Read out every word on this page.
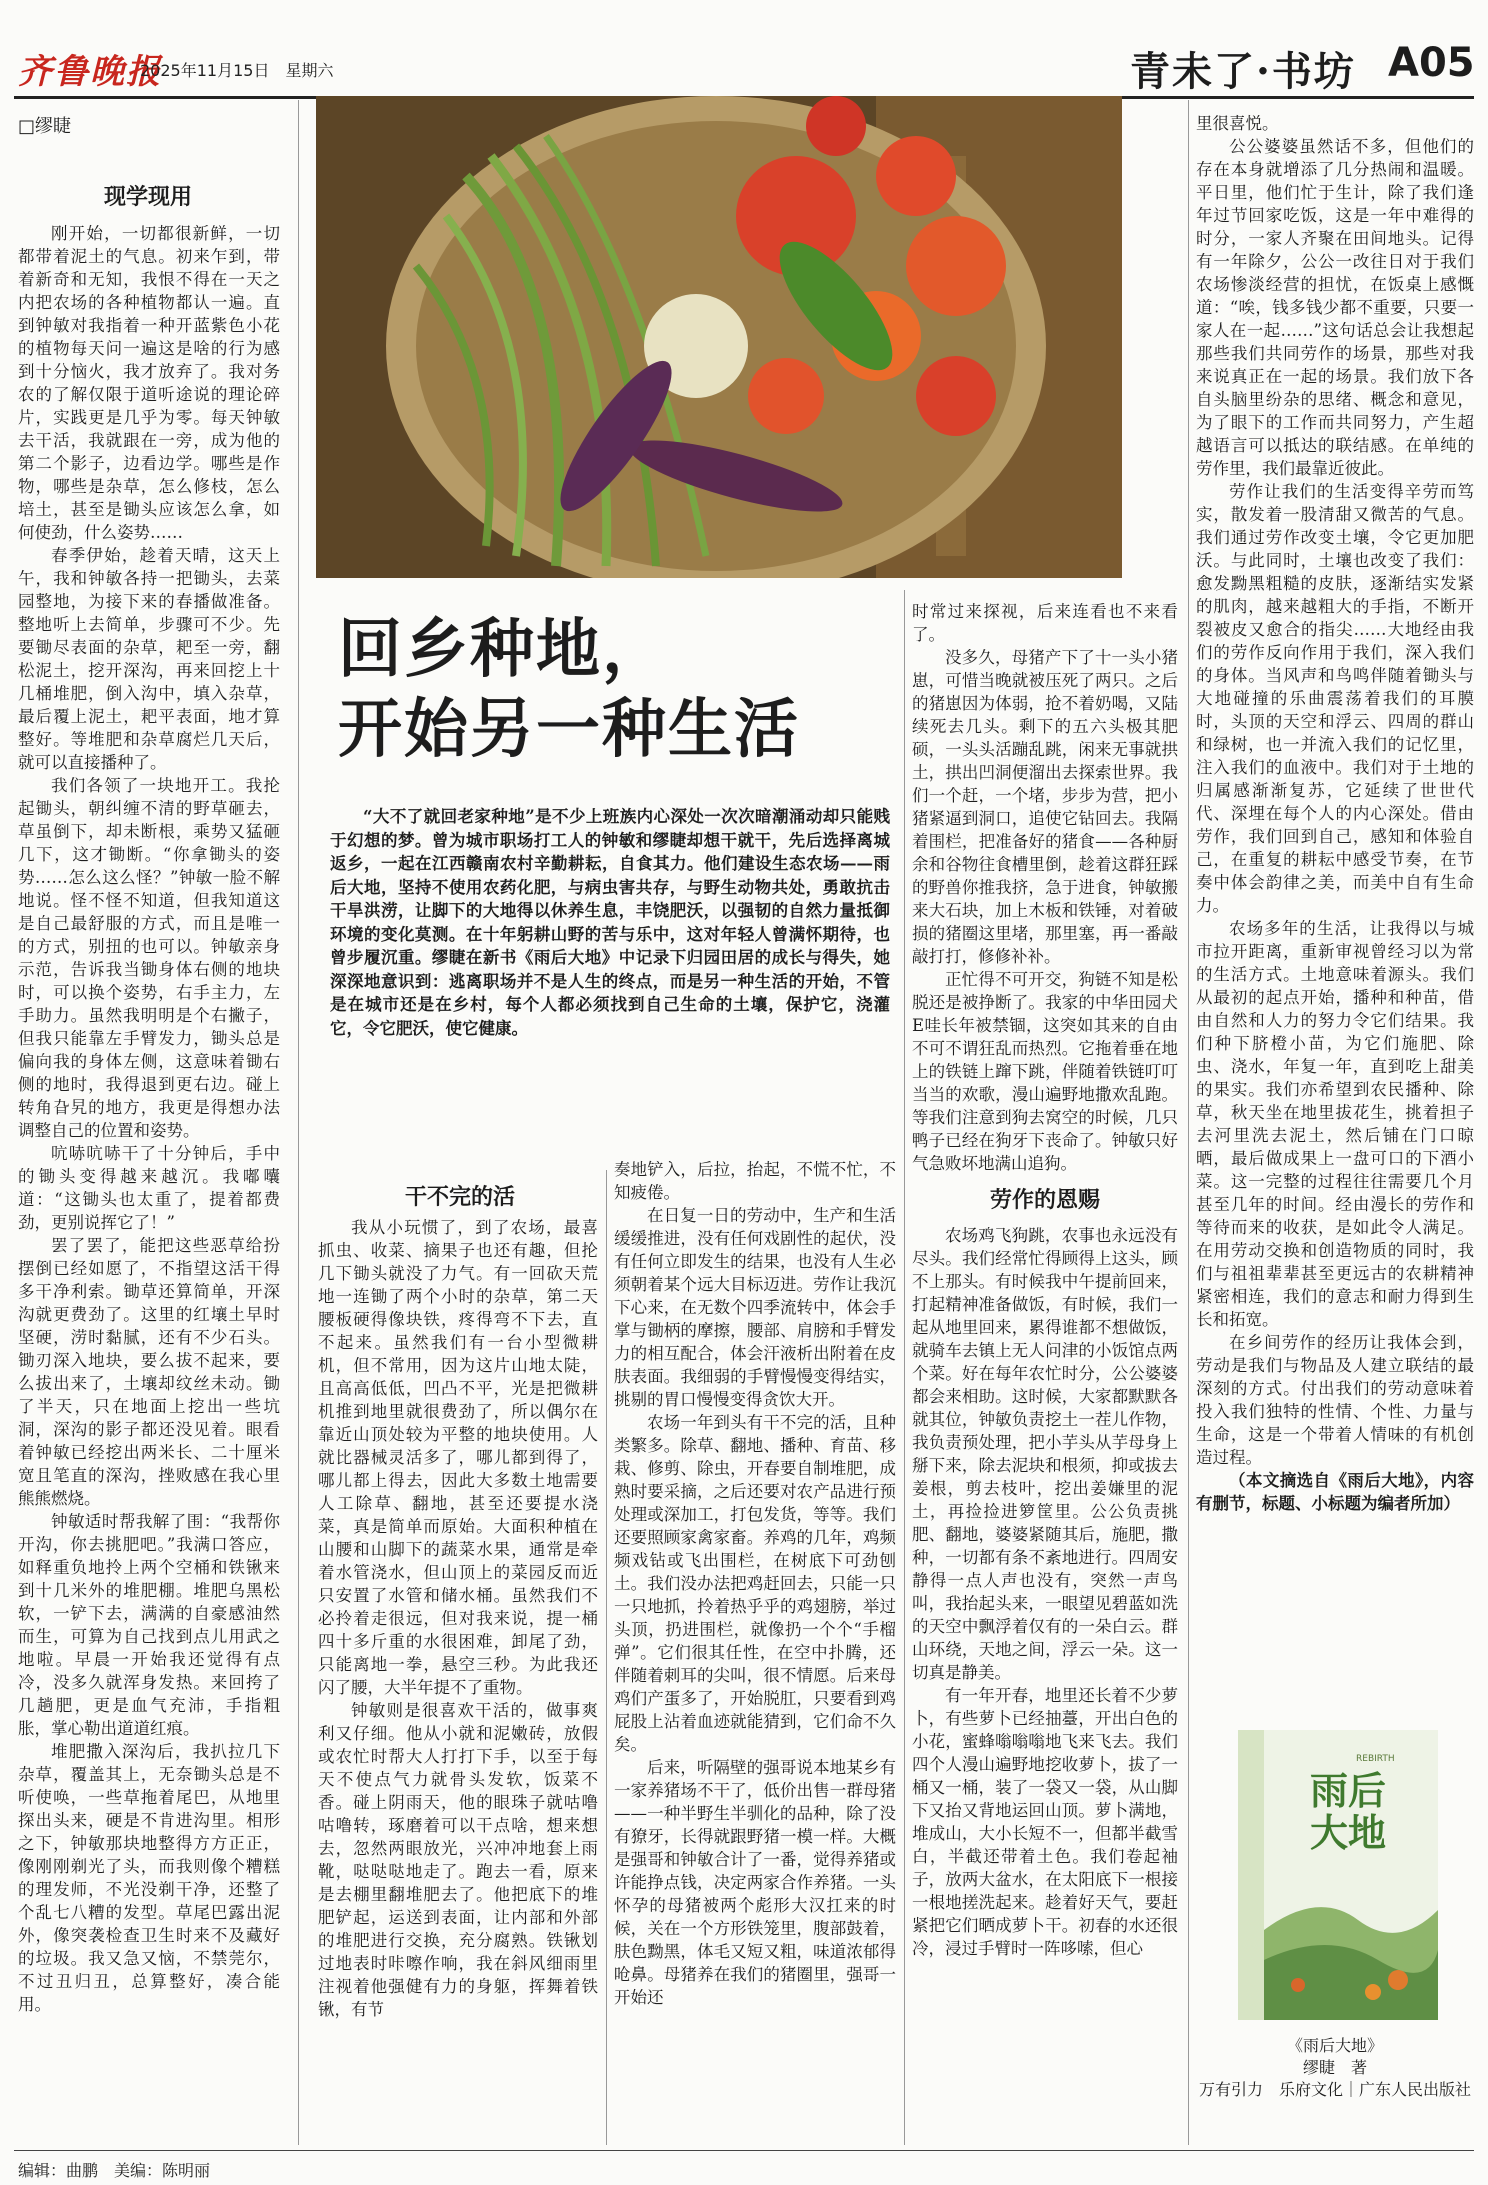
齐鲁晚报
2025年11月15日　星期六	青未了·书坊 A05
□缪睫
现学现用

刚开始，一切都很新鲜，一切都带着泥土的气息。初来乍到，带着新奇和无知，我恨不得在一天之内把农场的各种植物都认一遍。直到钟敏对我指着一种开蓝紫色小花的植物每天问一遍这是啥的行为感到十分恼火，我才放弃了。我对务农的了解仅限于道听途说的理论碎片，实践更是几乎为零。每天钟敏去干活，我就跟在一旁，成为他的第二个影子，边看边学。哪些是作物，哪些是杂草，怎么修枝，怎么培土，甚至是锄头应该怎么拿，如何使劲，什么姿势……

春季伊始，趁着天晴，这天上午，我和钟敏各持一把锄头，去菜园整地，为接下来的春播做准备。整地听上去简单，步骤可不少。先要锄尽表面的杂草，耙至一旁，翻松泥土，挖开深沟，再来回挖上十几桶堆肥，倒入沟中，填入杂草，最后覆上泥土，耙平表面，地才算整好。等堆肥和杂草腐烂几天后，就可以直接播种了。

我们各领了一块地开工。我抡起锄头，朝纠缠不清的野草砸去，草虽倒下，却未断根，乘势又猛砸几下，这才锄断。“你拿锄头的姿势……怎么这么怪？”钟敏一脸不解地说。怪不怪不知道，但我知道这是自己最舒服的方式，而且是唯一的方式，别扭的也可以。钟敏亲身示范，告诉我当锄身体右侧的地块时，可以换个姿势，右手主力，左手助力。虽然我明明是个右撇子，但我只能靠左手臂发力，锄头总是偏向我的身体左侧，这意味着锄右侧的地时，我得退到更右边。碰上转角旮旯的地方，我更是得想办法调整自己的位置和姿势。

吭哧吭哧干了十分钟后，手中的锄头变得越来越沉。我嘟囔道：“这锄头也太重了，提着都费劲，更别说挥它了！”

罢了罢了，能把这些恶草给扮摆倒已经如愿了，不指望这活干得多干净利索。锄草还算简单，开深沟就更费劲了。这里的红壤土早时坚硬，涝时黏腻，还有不少石头。锄刃深入地块，要么拔不起来，要么拔出来了，土壤却纹丝未动。锄了半天，只在地面上挖出一些坑洞，深沟的影子都还没见着。眼看着钟敏已经挖出两米长、二十厘米宽且笔直的深沟，挫败感在我心里熊熊燃烧。

钟敏适时帮我解了围：“我帮你开沟，你去挑肥吧。”我满口答应，如释重负地拎上两个空桶和铁锹来到十几米外的堆肥棚。堆肥乌黑松软，一铲下去，满满的自豪感油然而生，可算为自己找到点儿用武之地啦。早晨一开始我还觉得有点冷，没多久就浑身发热。来回挎了几趟肥，更是血气充沛，手指粗胀，掌心勒出道道红痕。

堆肥撒入深沟后，我扒拉几下杂草，覆盖其上，无奈锄头总是不听使唤，一些草拖着尾巴，从地里探出头来，硬是不肯进沟里。相形之下，钟敏那块地整得方方正正，像刚刚剃光了头，而我则像个糟糕的理发师，不光没剃干净，还整了个乱七八糟的发型。草尾巴露出泥外，像突袭检查卫生时来不及藏好的垃圾。我又急又恼，不禁莞尔，不过丑归丑，总算整好，凑合能用。

回乡种地，
开始另一种生活

“大不了就回老家种地”是不少上班族内心深处一次次暗潮涌动却只能贱于幻想的梦。曾为城市职场打工人的钟敏和缪睫却想干就干，先后选择离城返乡，一起在江西赣南农村辛勤耕耘，自食其力。他们建设生态农场——雨后大地，坚持不使用农药化肥，与病虫害共存，与野生动物共处，勇敢抗击干旱洪涝，让脚下的大地得以休养生息，丰饶肥沃，以强韧的自然力量抵御环境的变化莫测。在十年躬耕山野的苦与乐中，这对年轻人曾满怀期待，也曾步履沉重。缪睫在新书《雨后大地》中记录下归园田居的成长与得失，她深深地意识到：逃离职场并不是人生的终点，而是另一种生活的开始，不管是在城市还是在乡村，每个人都必须找到自己生命的土壤，保护它，浇灌它，令它肥沃，使它健康。

干不完的活

我从小玩惯了，到了农场，最喜抓虫、收菜、摘果子也还有趣，但抡几下锄头就没了力气。有一回砍天荒地一连锄了两个小时的杂草，第二天腰板硬得像块铁，疼得弯不下去，直不起来。虽然我们有一台小型微耕机，但不常用，因为这片山地太陡，且高高低低，凹凸不平，光是把微耕机推到地里就很费劲了，所以偶尔在靠近山顶处较为平整的地块使用。人就比器械灵活多了，哪儿都到得了，哪儿都上得去，因此大多数土地需要人工除草、翻地，甚至还要提水浇菜，真是简单而原始。大面积种植在山腰和山脚下的蔬菜水果，通常是牵着水管浇水，但山顶上的菜园反而近只安置了水管和储水桶。虽然我们不必拎着走很远，但对我来说，提一桶四十多斤重的水很困难，卸尾了劲，只能离地一拳，悬空三秒。为此我还闪了腰，大半年提不了重物。

钟敏则是很喜欢干活的，做事爽利又仔细。他从小就和泥嫩砖，放假或农忙时帮大人打打下手，以至于每天不使点气力就骨头发软，饭菜不香。碰上阴雨天，他的眼珠子就咕噜咕噜转，琢磨着可以干点啥，想来想去，忽然两眼放光，兴冲冲地套上雨靴，哒哒哒地走了。跑去一看，原来是去棚里翻堆肥去了。他把底下的堆肥铲起，运送到表面，让内部和外部的堆肥进行交换，充分腐熟。铁锹划过地表时咔嚓作响，我在斜风细雨里注视着他强健有力的身躯，挥舞着铁锹，有节

奏地铲入，后拉，抬起，不慌不忙，不知疲倦。

在日复一日的劳动中，生产和生活缓缓推进，没有任何戏剧性的起伏，没有任何立即发生的结果，也没有人生必须朝着某个远大目标迈进。劳作让我沉下心来，在无数个四季流转中，体会手掌与锄柄的摩擦，腰部、肩膀和手臂发力的相互配合，体会汗液析出附着在皮肤表面。我细弱的手臂慢慢变得结实，挑剔的胃口慢慢变得贪饮大开。

农场一年到头有干不完的活，且种类繁多。除草、翻地、播种、育苗、移栽、修剪、除虫，开春要自制堆肥，成熟时要采摘，之后还要对农产品进行预处理或深加工，打包发货，等等。我们还要照顾家禽家畜。养鸡的几年，鸡频频戏钻或飞出围栏，在树底下可劲刨土。我们没办法把鸡赶回去，只能一只一只地抓，拎着热乎乎的鸡翅膀，举过头顶，扔进围栏，就像扔一个个“手榴弹”。它们很其任性，在空中扑腾，还伴随着刺耳的尖叫，很不情愿。后来母鸡们产蛋多了，开始脱肛，只要看到鸡屁股上沾着血迹就能猜到，它们命不久矣。

后来，听隔壁的强哥说本地某乡有一家养猪场不干了，低价出售一群母猪——一种半野生半驯化的品种，除了没有獠牙，长得就跟野猪一模一样。大概是强哥和钟敏合计了一番，觉得养猪或许能挣点钱，决定两家合作养猪。一头怀孕的母猪被两个彪形大汉扛来的时候，关在一个方形铁笼里，腹部鼓着，肤色黝黑，体毛又短又粗，味道浓郁得呛鼻。母猪养在我们的猪圈里，强哥一开始还

时常过来探视，后来连看也不来看了。

没多久，母猪产下了十一头小猪崽，可惜当晚就被压死了两只。之后的猪崽因为体弱，抢不着奶喝，又陆续死去几头。剩下的五六头极其肥硕，一头头活蹦乱跳，闲来无事就拱土，拱出凹洞便溜出去探索世界。我们一个赶，一个堵，步步为营，把小猪紧逼到洞口，追使它钻回去。我隔着围栏，把准备好的猪食——各种厨余和谷物往食槽里倒，趁着这群狂踩的野兽你推我挤，急于进食，钟敏搬来大石块，加上木板和铁锤，对着破损的猪圈这里堵，那里塞，再一番敲敲打打，修修补补。

正忙得不可开交，狗链不知是松脱还是被挣断了。我家的中华田园犬E哇长年被禁锢，这突如其来的自由不可不谓狂乱而热烈。它拖着垂在地上的铁链上蹿下跳，伴随着铁链叮叮当当的欢歌，漫山遍野地撒欢乱跑。等我们注意到狗去窝空的时候，几只鸭子已经在狗牙下丧命了。钟敏只好气急败坏地满山追狗。

劳作的恩赐

农场鸡飞狗跳，农事也永远没有尽头。我们经常忙得顾得上这头，顾不上那头。有时候我中午提前回来，打起精神准备做饭，有时候，我们一起从地里回来，累得谁都不想做饭，就骑车去镇上无人问津的小饭馆点两个菜。好在每年农忙时分，公公婆婆都会来相助。这时候，大家都默默各就其位，钟敏负责挖土一茬儿作物，我负责预处理，把小芋头从芋母身上掰下来，除去泥块和根须，抑或拔去姜根，剪去枝叶，挖出姜嫌里的泥土，再捡捡进箩筐里。公公负责挑肥、翻地，婆婆紧随其后，施肥，撒种，一切都有条不紊地进行。四周安静得一点人声也没有，突然一声鸟叫，我抬起头来，一眼望见碧蓝如洗的天空中飘浮着仅有的一朵白云。群山环绕，天地之间，浮云一朵。这一切真是静美。

有一年开春，地里还长着不少萝卜，有些萝卜已经抽薹，开出白色的小花，蜜蜂嗡嗡嗡地飞来飞去。我们四个人漫山遍野地挖收萝卜，拔了一桶又一桶，装了一袋又一袋，从山脚下又抬又背地运回山顶。萝卜满地，堆成山，大小长短不一，但都半截雪白，半截还带着土色。我们卷起袖子，放两大盆水，在太阳底下一根接一根地搓洗起来。趁着好天气，要赶紧把它们晒成萝卜干。初春的水还很冷，浸过手臂时一阵哆嗦，但心

里很喜悦。

公公婆婆虽然话不多，但他们的存在本身就增添了几分热闹和温暖。平日里，他们忙于生计，除了我们逢年过节回家吃饭，这是一年中难得的时分，一家人齐聚在田间地头。记得有一年除夕，公公一改往日对于我们农场惨淡经营的担忧，在饭桌上感慨道：“唉，钱多钱少都不重要，只要一家人在一起……”这句话总会让我想起那些我们共同劳作的场景，那些对我来说真正在一起的场景。我们放下各自头脑里纷杂的思绪、概念和意见，为了眼下的工作而共同努力，产生超越语言可以抵达的联结感。在单纯的劳作里，我们最靠近彼此。

劳作让我们的生活变得辛劳而笃实，散发着一股清甜又微苦的气息。我们通过劳作改变土壤，令它更加肥沃。与此同时，土壤也改变了我们：愈发黝黑粗糙的皮肤，逐渐结实发紧的肌肉，越来越粗大的手指，不断开裂被皮又愈合的指尖……大地经由我们的劳作反向作用于我们，深入我们的身体。当风声和鸟鸣伴随着锄头与大地碰撞的乐曲震荡着我们的耳膜时，头顶的天空和浮云、四周的群山和绿树，也一并流入我们的记忆里，注入我们的血液中。我们对于土地的归属感渐渐复苏，它延续了世世代代、深埋在每个人的内心深处。借由劳作，我们回到自己，感知和体验自己，在重复的耕耘中感受节奏，在节奏中体会韵律之美，而美中自有生命力。

农场多年的生活，让我得以与城市拉开距离，重新审视曾经习以为常的生活方式。土地意味着源头。我们从最初的起点开始，播种和种苗，借由自然和人力的努力令它们结果。我们种下脐橙小苗，为它们施肥、除虫、浇水，年复一年，直到吃上甜美的果实。我们亦希望到农民播种、除草，秋天坐在地里拔花生，挑着担子去河里洗去泥土，然后铺在门口晾晒，最后做成果上一盘可口的下酒小菜。这一完整的过程往往需要几个月甚至几年的时间。经由漫长的劳作和等待而来的收获，是如此令人满足。在用劳动交换和创造物质的同时，我们与祖祖辈辈甚至更远古的农耕精神紧密相连，我们的意志和耐力得到生长和拓宽。

在乡间劳作的经历让我体会到，劳动是我们与物品及人建立联结的最深刻的方式。付出我们的劳动意味着投入我们独特的性情、个性、力量与生命，这是一个带着人情味的有机创造过程。

（本文摘选自《雨后大地》，内容有删节，标题、小标题为编者所加）

REBIRTH
雨后大地
《雨后大地》
缪睫　著
万有引力　乐府文化｜广东人民出版社
编辑：曲鹏　美编：陈明丽
